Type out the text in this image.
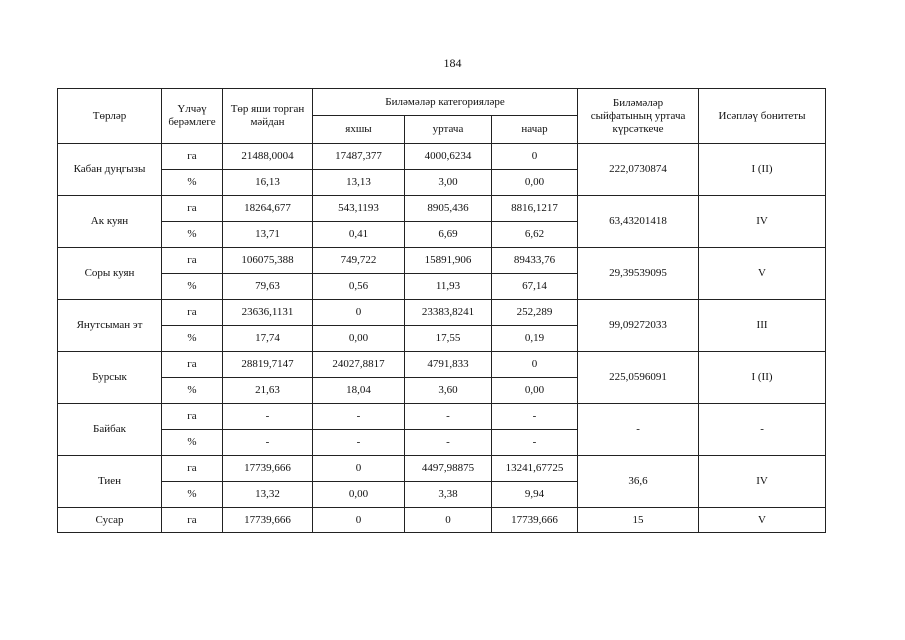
184
Төрләр	Үлчәү берәмлеге	Төр яши торган мәйдан	Биләмәләр категорияләре			Биләмәләр сыйфатының уртача күрсәткече	Исәпләү бонитеты
			яхшы	уртача	начар		
Кабан дуңгызы	га	21488,0004	17487,377	4000,6234	0	222,0730874	I (II)
	%	16,13	13,13	3,00	0,00		
Ак куян	га	18264,677	543,1193	8905,436	8816,1217	63,43201418	IV
	%	13,71	0,41	6,69	6,62		
Соры куян	га	106075,388	749,722	15891,906	89433,76	29,39539095	V
	%	79,63	0,56	11,93	67,14		
Янутсыман эт	га	23636,1131	0	23383,8241	252,289	99,09272033	III
	%	17,74	0,00	17,55	0,19		
Бурсык	га	28819,7147	24027,8817	4791,833	0	225,0596091	I (II)
	%	21,63	18,04	3,60	0,00		
Байбак	га	-	-	-	-	-	-
	%	-	-	-	-		
Тиен	га	17739,666	0	4497,98875	13241,67725	36,6	IV
	%	13,32	0,00	3,38	9,94		
Сусар	га	17739,666	0	0	17739,666	15	V
